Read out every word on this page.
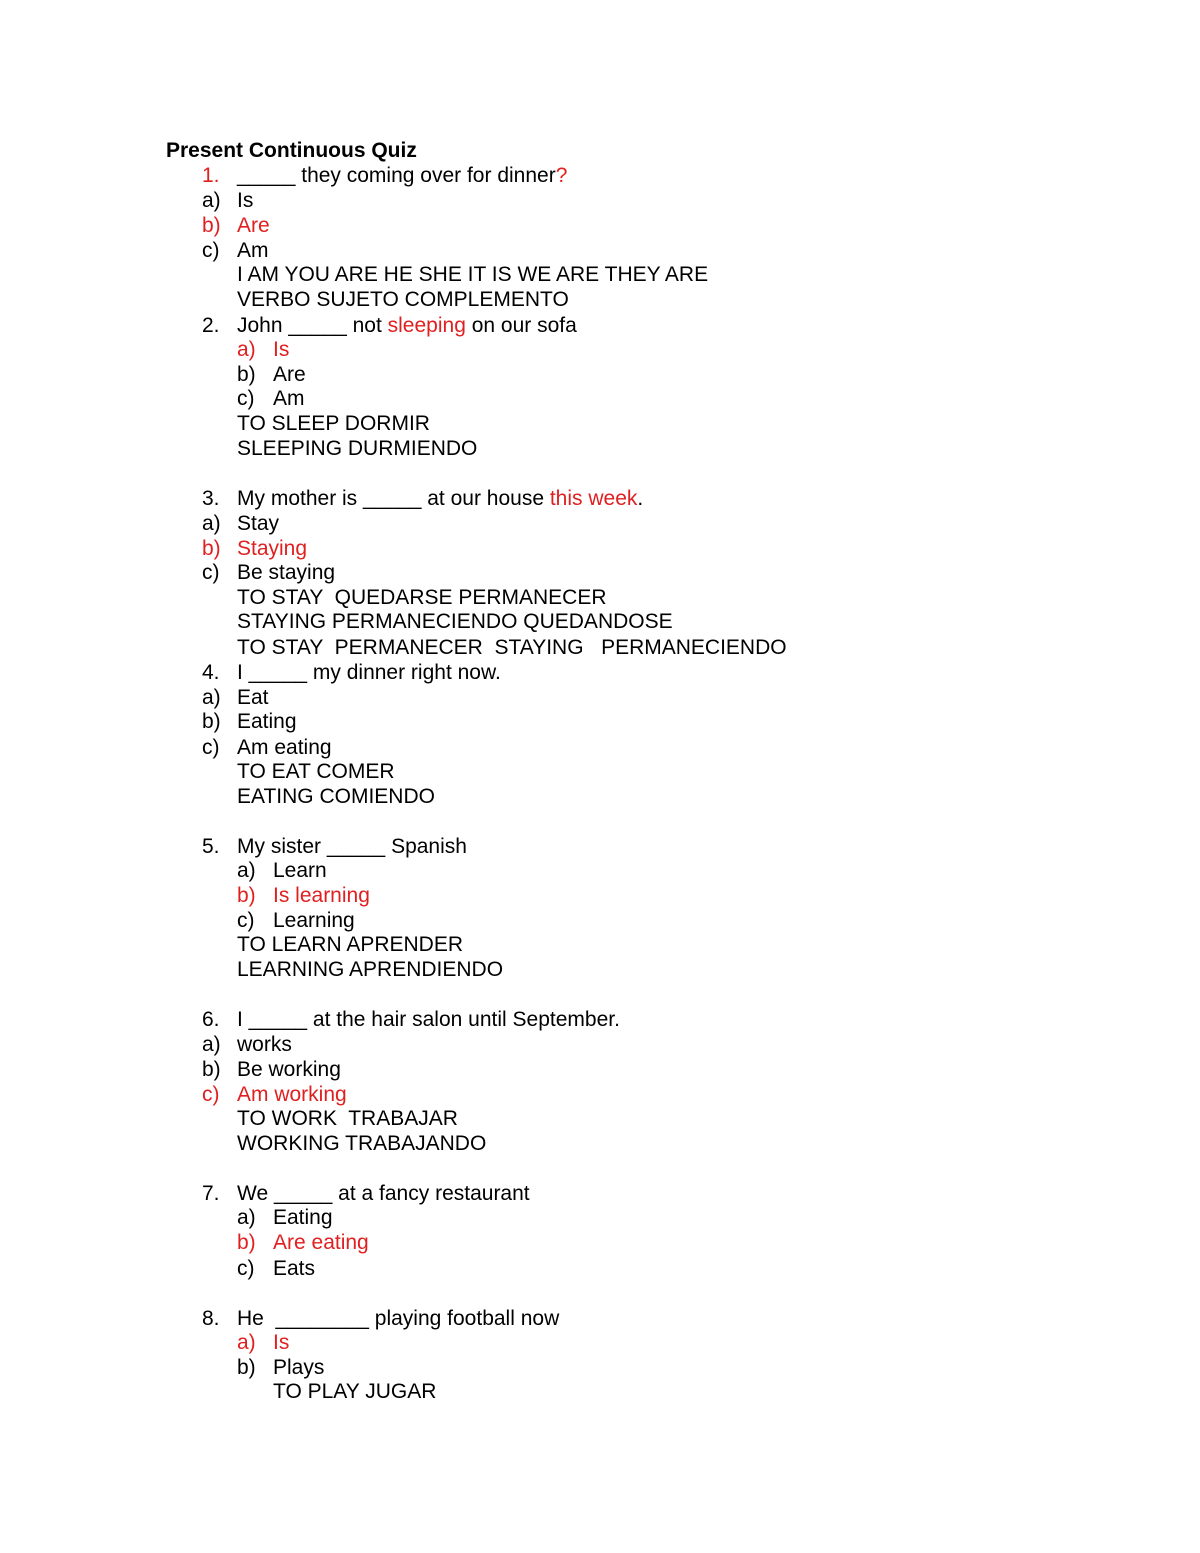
Present Continuous Quiz
1. _____ they coming over for dinner?
a) Is
b) Are
c) Am
I AM YOU ARE HE SHE IT IS WE ARE THEY ARE
VERBO SUJETO COMPLEMENTO
2. John _____ not sleeping on our sofa
a) Is
b) Are
c) Am
TO SLEEP DORMIR
SLEEPING DURMIENDO
3. My mother is _____ at our house this week.
a) Stay
b) Staying
c) Be staying
TO STAY  QUEDARSE PERMANECER
STAYING PERMANECIENDO QUEDANDOSE
TO STAY  PERMANECER  STAYING   PERMANECIENDO
4. I _____ my dinner right now.
a) Eat
b) Eating
c) Am eating
TO EAT COMER
EATING COMIENDO
5. My sister _____ Spanish
a) Learn
b) Is learning
c) Learning
TO LEARN APRENDER
LEARNING APRENDIENDO
6. I _____ at the hair salon until September.
a) works
b) Be working
c) Am working
TO WORK  TRABAJAR
WORKING TRABAJANDO
7. We _____ at a fancy restaurant
a) Eating
b) Are eating
c) Eats
8. He  ________ playing football now
a) Is
b) Plays
TO PLAY JUGAR
